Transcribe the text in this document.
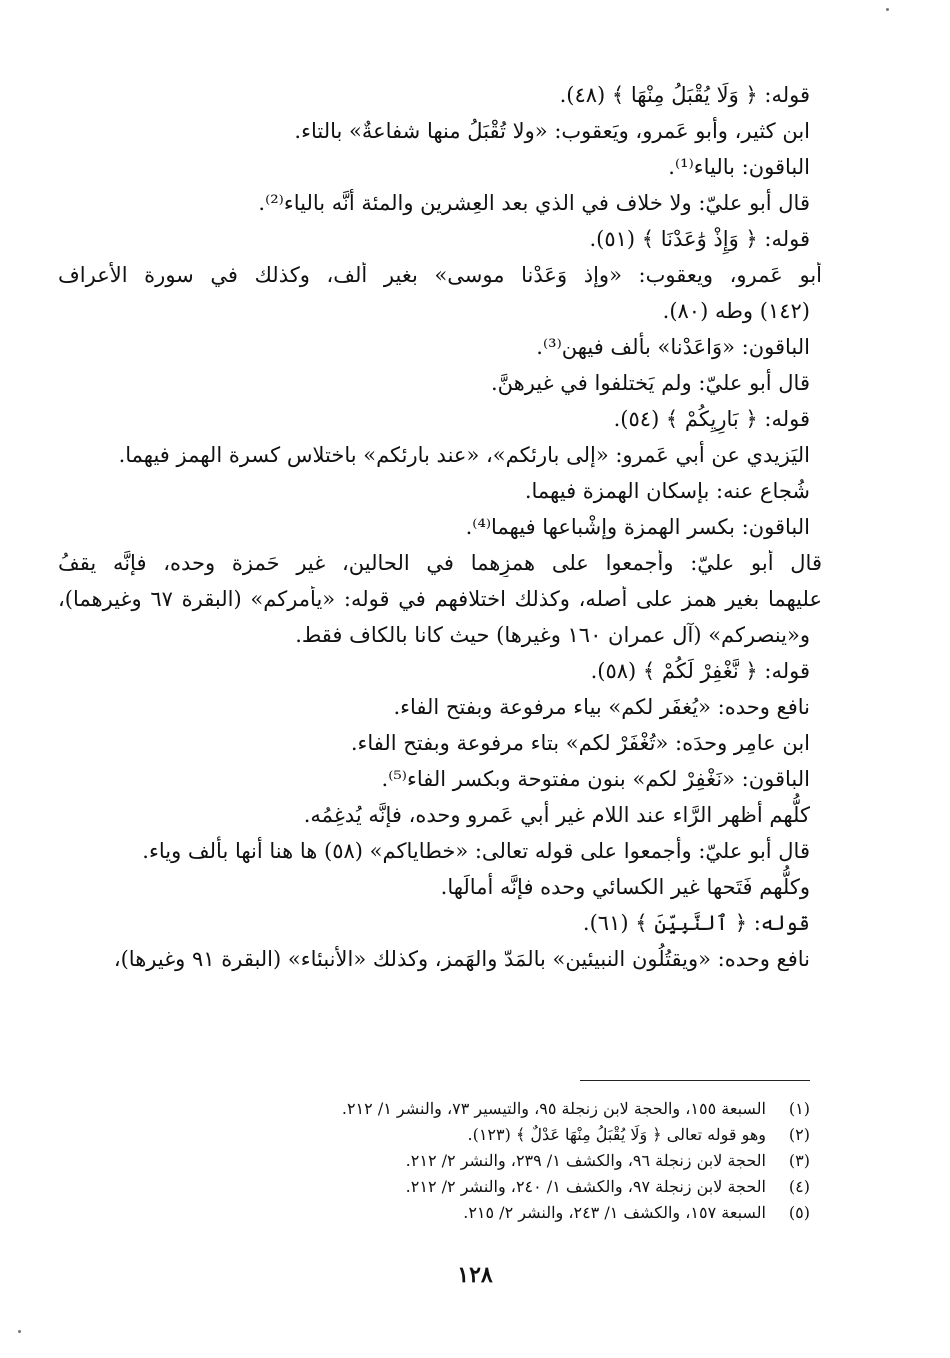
قوله: ﴿ وَلَا يُقْبَلُ مِنْهَا ﴾ (٤٨).
ابن كثير، وأبو عَمرو، ويَعقوب: «ولا تُقْبَلُ منها شفاعةٌ» بالتاء.
الباقون: بالياء⁽¹⁾.
قال أبو عليّ: ولا خلاف في الذي بعد العِشرين والمئة أنَّه بالياء⁽²⁾.
قوله: ﴿ وَإِذْ وَٰعَدْنَا ﴾ (٥١).
أبو عَمرو، ويعقوب: «وإذ وَعَدْنا موسى» بغير ألف، وكذلك في سورة الأعراف
(١٤٢) وطه (٨٠).
الباقون: «وَاعَدْنا» بألف فيهن⁽³⁾.
قال أبو عليّ: ولم يَختلفوا في غيرهنَّ.
قوله: ﴿ بَارِيِكُمْ ﴾ (٥٤).
اليَزيدي عن أبي عَمرو: «إلى بارئكم»، «عند بارئكم» باختلاس كسرة الهمز فيهما.
شُجاع عنه: بإسكان الهمزة فيهما.
الباقون: بكسر الهمزة وإشْباعها فيهما⁽⁴⁾.
قال أبو عليّ: وأجمعوا على همزِهما في الحالين، غير حَمزة وحده، فإنَّه يقفُ
عليهما بغير همز على أصله، وكذلك اختلافهم في قوله: «يأمركم» (البقرة ٦٧ وغيرهما)،
و«ينصركم» (آل عمران ١٦٠ وغيرها) حيث كانا بالكاف فقط.
قوله: ﴿ نَّغْفِرْ لَكُمْ ﴾ (٥٨).
نافع وحده: «يُغفَر لكم» بياء مرفوعة وبفتح الفاء.
ابن عامِر وحدَه: «تُغْفَرْ لكم» بتاء مرفوعة وبفتح الفاء.
الباقون: «نَغْفِرْ لكم» بنون مفتوحة وبكسر الفاء⁽⁵⁾.
كلُّهم أظهر الرَّاء عند اللام غير أبي عَمرو وحده، فإنَّه يُدغِمُه.
قال أبو عليّ: وأجمعوا على قوله تعالى: «خطاياكم» (٥٨) ها هنا أنها بألف وياء.
وكلُّهم فَتَحها غير الكسائي وحده فإنَّه أمالَها.
قوله: ﴿ ٱلنَّبِيِّنَ ﴾ (٦١).
نافع وحده: «ويقتُلُون النبيئين» بالمَدّ والهَمز، وكذلك «الأنبئاء» (البقرة ٩١ وغيرها)،
(١)
السبعة ١٥٥، والحجة لابن زنجلة ٩٥، والتيسير ٧٣، والنشر ١/ ٢١٢.
(٢)
وهو قوله تعالى ﴿ وَلَا يُقْبَلُ مِنْهَا عَدْلٌ ﴾ (١٢٣).
(٣)
الحجة لابن زنجلة ٩٦، والكشف ١/ ٢٣٩، والنشر ٢/ ٢١٢.
(٤)
الحجة لابن زنجلة ٩٧، والكشف ١/ ٢٤٠، والنشر ٢/ ٢١٢.
(٥)
السبعة ١٥٧، والكشف ١/ ٢٤٣، والنشر ٢/ ٢١٥.
١٢٨
